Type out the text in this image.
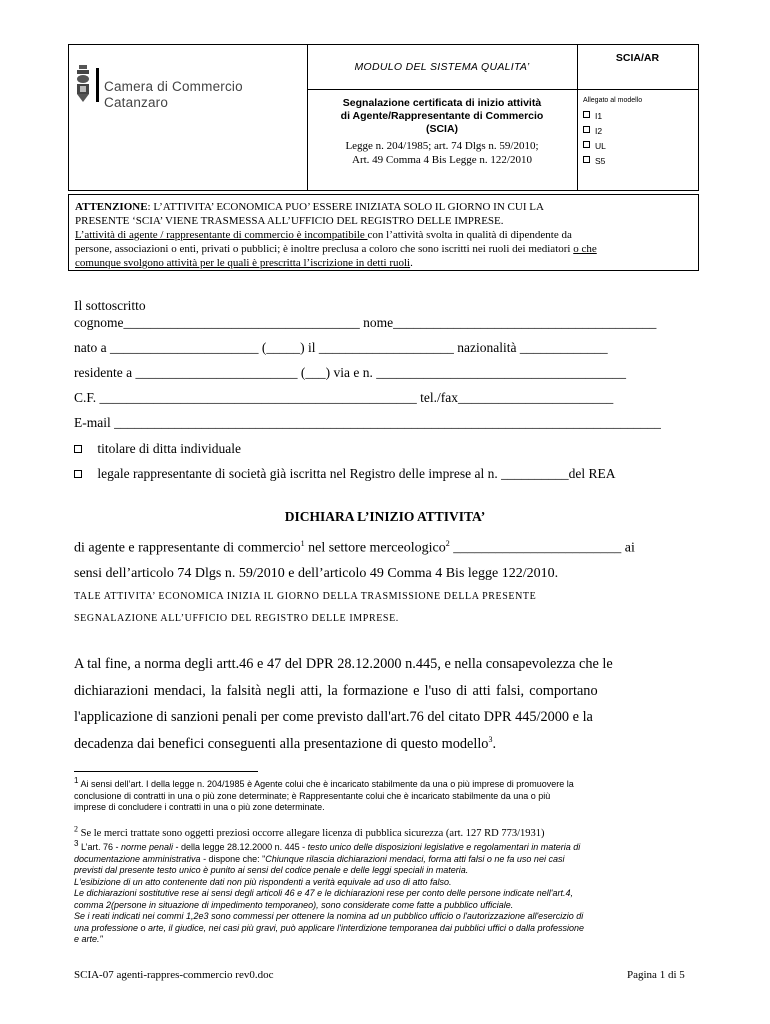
Camera di Commercio
Catanzaro
MODULO DEL SISTEMA QUALITA’
Segnalazione certificata di inizio attività
di Agente/Rappresentante di Commercio
(SCIA)
Legge n. 204/1985; art. 74 Dlgs n. 59/2010;
Art. 49 Comma 4 Bis Legge n. 122/2010
SCIA/AR
Allegato al modello
I1
I2
UL
S5

ATTENZIONE: L’ATTIVITA’ ECONOMICA PUO’ ESSERE INIZIATA SOLO IL GIORNO IN CUI LA

PRESENTE ‘SCIA’ VIENE TRASMESSA ALL’UFFICIO DEL REGISTRO DELLE IMPRESE.

L’attività di agente / rappresentante di commercio è incompatibile con l’attività svolta in qualità di dipendente da

persone, associazioni o enti, privati o pubblici; è inoltre preclusa a coloro che sono iscritti nei ruoli dei mediatori o che

comunque svolgono attività per le quali è prescritta l’iscrizione in detti ruoli.

Il sottoscritto
cognome___________________________________ nome_______________________________________
nato a ______________________ (_____) il ____________________ nazionalità _____________
residente a ________________________ (___) via e n. _____________________________________
C.F. _______________________________________________ tel./fax_______________________
E-mail _________________________________________________________________________________
titolare di ditta individuale
legale rappresentante di società già iscritta nel Registro delle imprese al n. __________del REA
DICHIARA L’INIZIO ATTIVITA’
di agente e rappresentante di commercio$^1$ nel settore merceologico$^2$ ________________________ ai
sensi dell’articolo 74 Dlgs n. 59/2010 e dell’articolo 49 Comma 4 Bis legge 122/2010.
TALE ATTIVITA’ ECONOMICA INIZIA IL GIORNO DELLA TRASMISSIONE DELLA PRESENTE
SEGNALAZIONE ALL’UFFICIO DEL REGISTRO DELLE IMPRESE.
A tal fine, a norma degli artt.46 e 47 del DPR 28.12.2000 n.445, e nella consapevolezza che le
dichiarazioni mendaci, la falsità negli atti, la formazione e l'uso di atti falsi, comportano
l'applicazione di sanzioni penali per come previsto dall'art.76 del citato DPR 445/2000 e la
decadenza dai benefici conseguenti alla presentazione di questo modello$^3$.
$^1$ Ai sensi dell’art. I della legge n. 204/1985 è Agente colui che è incaricato stabilmente da una o più imprese di promuovere la
conclusione di contratti in una o più zone determinate; è Rappresentante colui che è incaricato stabilmente da una o più
imprese di concludere i contratti in una o più zone determinate.
$^2$ Se le merci trattate sono oggetti preziosi occorre allegare licenza di pubblica sicurezza (art. 127 RD 773/1931)
$^3$ L’art. 76 - norme penali - della legge 28.12.2000 n. 445 - testo unico delle disposizioni legislative e regolamentari in materia di
documentazione amministrativa - dispone che: "Chiunque rilascia dichiarazioni mendaci, forma atti falsi o ne fa uso nei casi
previsti dal presente testo unico è punito ai sensi del codice penale e delle leggi speciali in materia.
L'esibizione di un atto contenente dati non più rispondenti a verità equivale ad uso di atto falso.
Le dichiarazioni sostitutive rese ai sensi degli articoli 46 e 47 e le dichiarazioni rese per conto delle persone indicate nell'art.4,
comma 2(persone in situazione di impedimento temporaneo), sono considerate come fatte a pubblico ufficiale.
Se i reati indicati nei commi 1,2e3 sono commessi per ottenere la nomina ad un pubblico ufficio o l'autorizzazione all'esercizio di
una professione o arte, il giudice, nei casi più gravi, può applicare l'interdizione temporanea dai pubblici uffici o dalla professione
e arte."
SCIA-07 agenti-rappres-commercio rev0.doc	Pagina 1 di 5
